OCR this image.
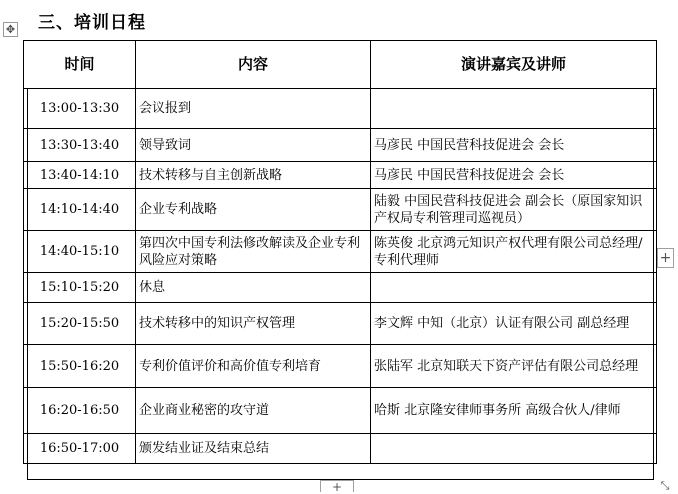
✥ 三、培训日程
时间	内容	演讲嘉宾及讲师
13:00-13:30	会议报到	
13:30-13:40	领导致词	马彦民 中国民营科技促进会 会长
13:40-14:10	技术转移与自主创新战略	马彦民 中国民营科技促进会 会长
14:10-14:40	企业专利战略	陆毅 中国民营科技促进会 副会长（原国家知识产权局专利管理司巡视员）
14:40-15:10	第四次中国专利法修改解读及企业专利风险应对策略	陈英俊 北京鸿元知识产权代理有限公司总经理/专利代理师
15:10-15:20	休息	
15:20-15:50	技术转移中的知识产权管理	李文辉 中知（北京）认证有限公司 副总经理
15:50-16:20	专利价值评价和高价值专利培育	张陆军 北京知联天下资产评估有限公司总经理
16:20-16:50	企业商业秘密的攻守道	哈斯 北京隆安律师事务所 高级合伙人/律师
16:50-17:00	颁发结业证及结束总结	
+
+	⤡
